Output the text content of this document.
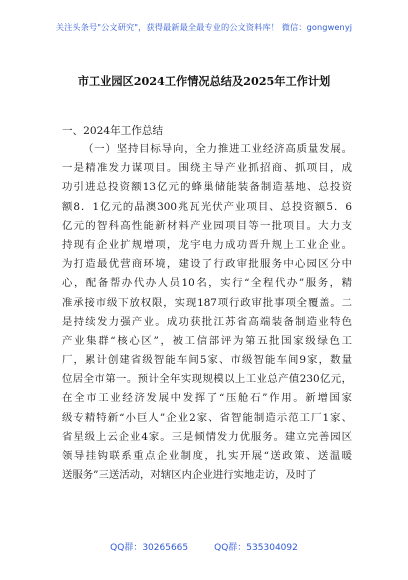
关注头条号"公文研究"，获得最新最全最专业的公文资料库！ 微信：gongwenyj
市工业园区2024工作情况总结及2025年工作计划
一、2024年工作总结
（一）坚持目标导向，全力推进工业经济高质量发展。
一是精准发力谋项目。围绕主导产业抓招商、抓项目，成
功引进总投资额13亿元的蜂巢储能装备制造基地、总投资
额8．1亿元的晶澳300兆瓦光伏产业项目、总投资额5．6
亿元的智科高性能新材料产业园项目等一批项目。大力支
持现有企业扩规增项，龙宇电力成功晋升规上工业企业。
为打造最优营商环境，建设了行政审批服务中心园区分中
心，配备帮办代办人员10名，实行“全程代办”服务，精
准承接市级下放权限，实现187项行政审批事项全覆盖。二
是持续发力强产业。成功获批江苏省高端装备制造业特色
产业集群“核心区”，被工信部评为第五批国家级绿色工
厂，累计创建省级智能车间5家、市级智能车间9家，数量
位居全市第一。预计全年实现规模以上工业总产值230亿元，
在全市工业经济发展中发挥了“压舱石”作用。新增国家
级专精特新“小巨人”企业2家、省智能制造示范工厂1家、
省星级上云企业4家。三是倾情发力优服务。建立完善园区
领导挂钩联系重点企业制度，扎实开展“送政策、送温暖
送服务”三送活动，对辖区内企业进行实地走访，及时了
QQ群：30265665	QQ群：535304092
